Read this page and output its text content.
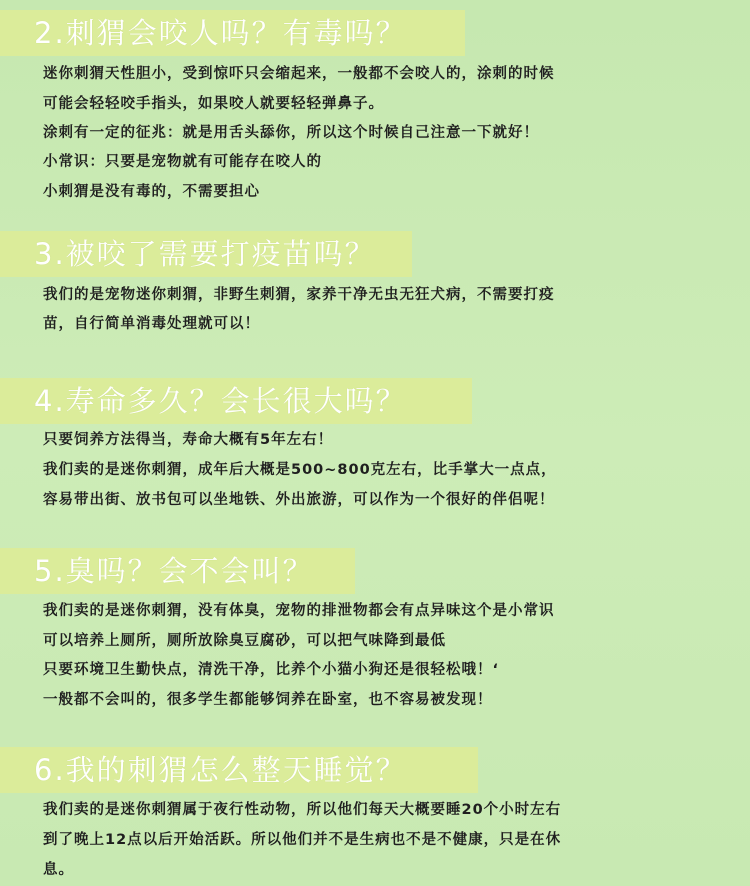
2.刺猬会咬人吗？有毒吗？
迷你刺猬天性胆小，受到惊吓只会缩起来，一般都不会咬人的，涂刺的时候
可能会轻轻咬手指头，如果咬人就要轻轻弹鼻子。
涂刺有一定的征兆：就是用舌头舔你，所以这个时候自己注意一下就好！
小常识：只要是宠物就有可能存在咬人的
小刺猬是没有毒的，不需要担心
3.被咬了需要打疫苗吗？
我们的是宠物迷你刺猬，非野生刺猬，家养干净无虫无狂犬病，不需要打疫
苗，自行简单消毒处理就可以！
4.寿命多久？会长很大吗？
只要饲养方法得当，寿命大概有5年左右！
我们卖的是迷你刺猬，成年后大概是500~800克左右，比手掌大一点点，
容易带出街、放书包可以坐地铁、外出旅游，可以作为一个很好的伴侣呢！
5.臭吗？会不会叫？
我们卖的是迷你刺猬，没有体臭，宠物的排泄物都会有点异味这个是小常识
可以培养上厕所，厕所放除臭豆腐砂，可以把气味降到最低
只要环境卫生勤快点，清洗干净，比养个小猫小狗还是很轻松哦！‘
一般都不会叫的，很多学生都能够饲养在卧室，也不容易被发现！
6.我的刺猬怎么整天睡觉？
我们卖的是迷你刺猬属于夜行性动物，所以他们每天大概要睡20个小时左右
到了晚上12点以后开始活跃。所以他们并不是生病也不是不健康，只是在休
息。
